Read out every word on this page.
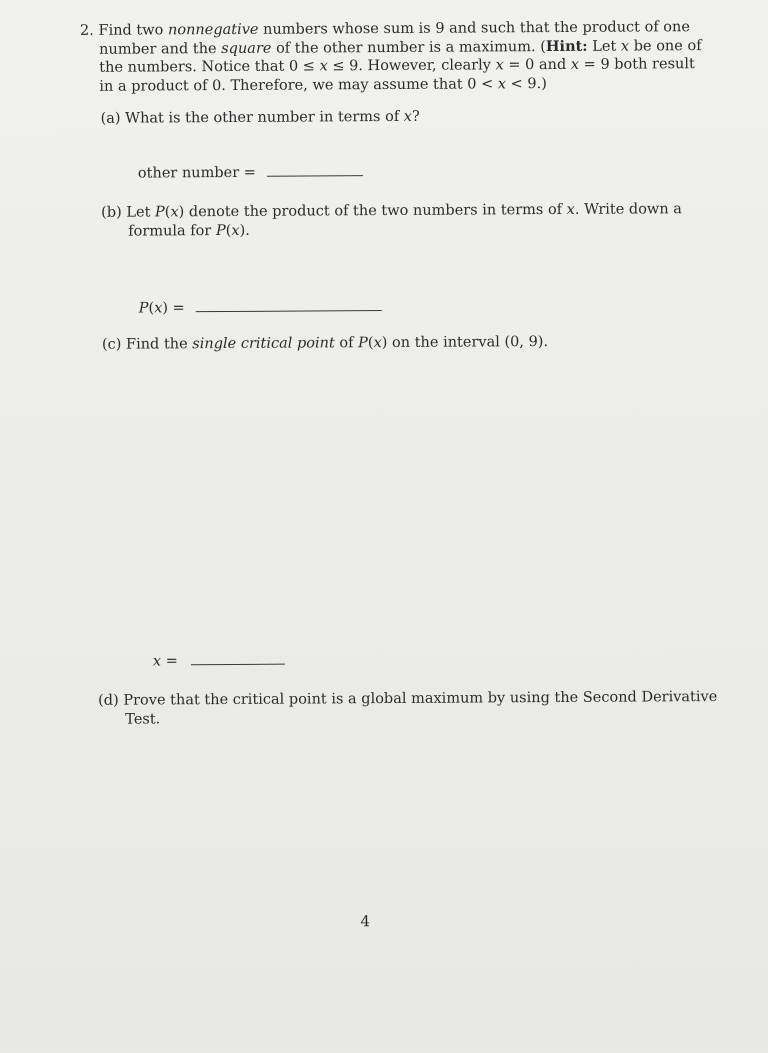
2. Find two nonnegative numbers whose sum is 9 and such that the product of one
number and the square of the other number is a maximum. (Hint: Let x be one of
the numbers. Notice that 0 ≤ x ≤ 9. However, clearly x = 0 and x = 9 both result
in a product of 0. Therefore, we may assume that 0 < x < 9.)
(a) What is the other number in terms of x?
other number =
(b) Let P(x) denote the product of the two numbers in terms of x. Write down a
formula for P(x).
P(x) =
(c) Find the single critical point of P(x) on the interval (0, 9).
x =
(d) Prove that the critical point is a global maximum by using the Second Derivative
Test.
4
